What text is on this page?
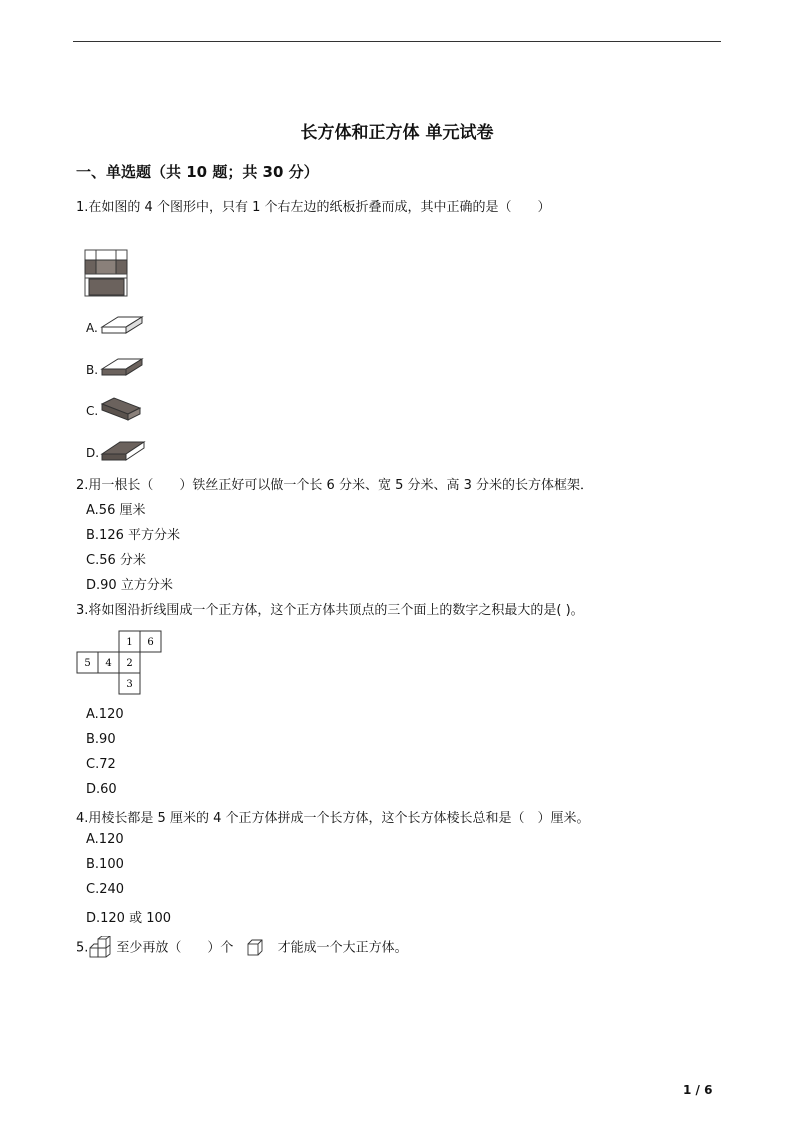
长方体和正方体 单元试卷
一、单选题（共 10 题；共 30 分）
1.在如图的 4 个图形中，只有 1 个右左边的纸板折叠而成，其中正确的是（　　）
A.
B.
C.
D.
2.用一根长（　　）铁丝正好可以做一个长 6 分米、宽 5 分米、高 3 分米的长方体框架．
A.56 厘米
B.126 平方分米
C.56 分米
D.90 立方分米
3.将如图沿折线围成一个正方体，这个正方体共顶点的三个面上的数字之积最大的是( )。
1 6
5 4 2
3
A.120
B.90
C.72
D.60
4.用棱长都是 5 厘米的 4 个正方体拼成一个长方体，这个长方体棱长总和是（　）厘米。
A.120
B.100
C.240
D.120 或 100
5. 至少再放（　　）个	才能成一个大正方体。
1 / 6
